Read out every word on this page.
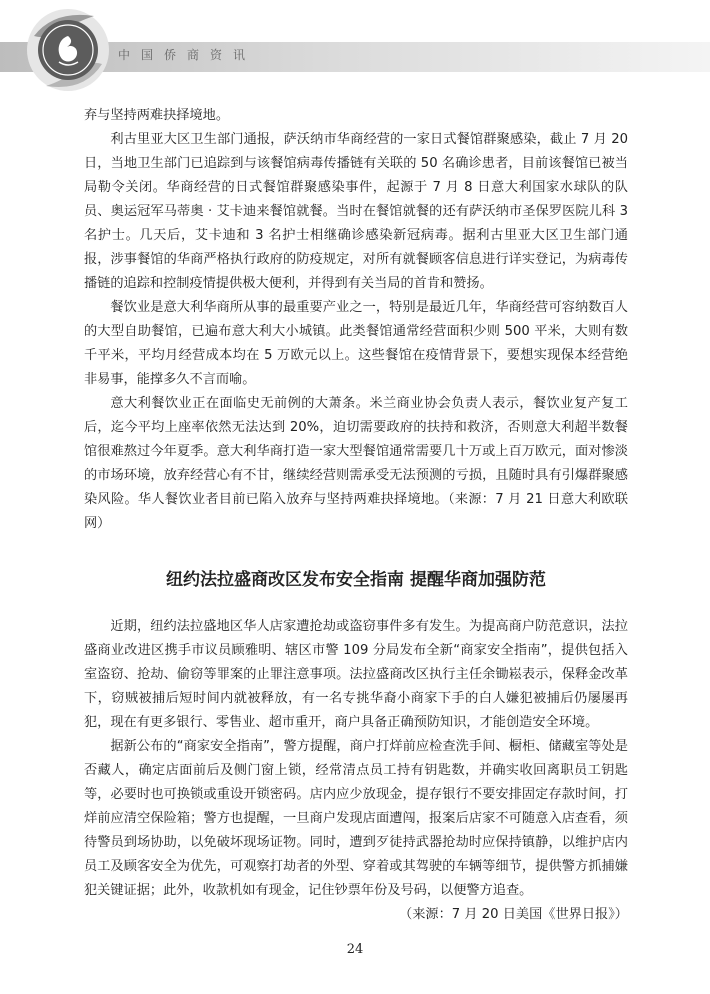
中国侨商资讯

弃与坚持两难抉择境地。

利古里亚大区卫生部门通报，萨沃纳市华商经营的一家日式餐馆群聚感染，截止 7 月 20 日，当地卫生部门已追踪到与该餐馆病毒传播链有关联的 50 名确诊患者，目前该餐馆已被当局勒令关闭。华商经营的日式餐馆群聚感染事件，起源于 7 月 8 日意大利国家水球队的队员、奥运冠军马蒂奥 · 艾卡迪来餐馆就餐。当时在餐馆就餐的还有萨沃纳市圣保罗医院儿科 3 名护士。几天后，艾卡迪和 3 名护士相继确诊感染新冠病毒。据利古里亚大区卫生部门通报，涉事餐馆的华商严格执行政府的防疫规定，对所有就餐顾客信息进行详实登记，为病毒传播链的追踪和控制疫情提供极大便利，并得到有关当局的首肯和赞扬。

餐饮业是意大利华商所从事的最重要产业之一，特别是最近几年，华商经营可容纳数百人的大型自助餐馆，已遍布意大利大小城镇。此类餐馆通常经营面积少则 500 平米，大则有数千平米，平均月经营成本均在 5 万欧元以上。这些餐馆在疫情背景下，要想实现保本经营绝非易事，能撑多久不言而喻。

意大利餐饮业正在面临史无前例的大萧条。米兰商业协会负责人表示，餐饮业复产复工后，迄今平均上座率依然无法达到 20%，迫切需要政府的扶持和救济，否则意大利超半数餐馆很难熬过今年夏季。意大利华商打造一家大型餐馆通常需要几十万或上百万欧元，面对惨淡的市场环境，放弃经营心有不甘，继续经营则需承受无法预测的亏损，且随时具有引爆群聚感染风险。华人餐饮业者目前已陷入放弃与坚持两难抉择境地。（来源：7 月 21 日意大利欧联网）

纽约法拉盛商改区发布安全指南 提醒华商加强防范

近期，纽约法拉盛地区华人店家遭抢劫或盗窃事件多有发生。为提高商户防范意识，法拉盛商业改进区携手市议员顾雅明、辖区市警 109 分局发布全新“商家安全指南”，提供包括入室盗窃、抢劫、偷窃等罪案的止罪注意事项。法拉盛商改区执行主任余锄崧表示，保释金改革下，窃贼被捕后短时间内就被释放，有一名专挑华裔小商家下手的白人嫌犯被捕后仍屡屡再犯，现在有更多银行、零售业、超市重开，商户具备正确预防知识，才能创造安全环境。

据新公布的“商家安全指南”，警方提醒，商户打烊前应检查洗手间、橱柜、储藏室等处是否藏人，确定店面前后及侧门窗上锁，经常清点员工持有钥匙数，并确实收回离职员工钥匙等，必要时也可换锁或重设开锁密码。店内应少放现金，提存银行不要安排固定存款时间，打烊前应清空保险箱；警方也提醒，一旦商户发现店面遭闯，报案后店家不可随意入店查看，须待警员到场协助，以免破坏现场证物。同时，遭到歹徒持武器抢劫时应保持镇静，以维护店内员工及顾客安全为优先，可观察打劫者的外型、穿着或其驾驶的车辆等细节，提供警方抓捕嫌犯关键证据；此外，收款机如有现金，记住钞票年份及号码，以便警方追查。

（来源：7 月 20 日美国《世界日报》）

24
